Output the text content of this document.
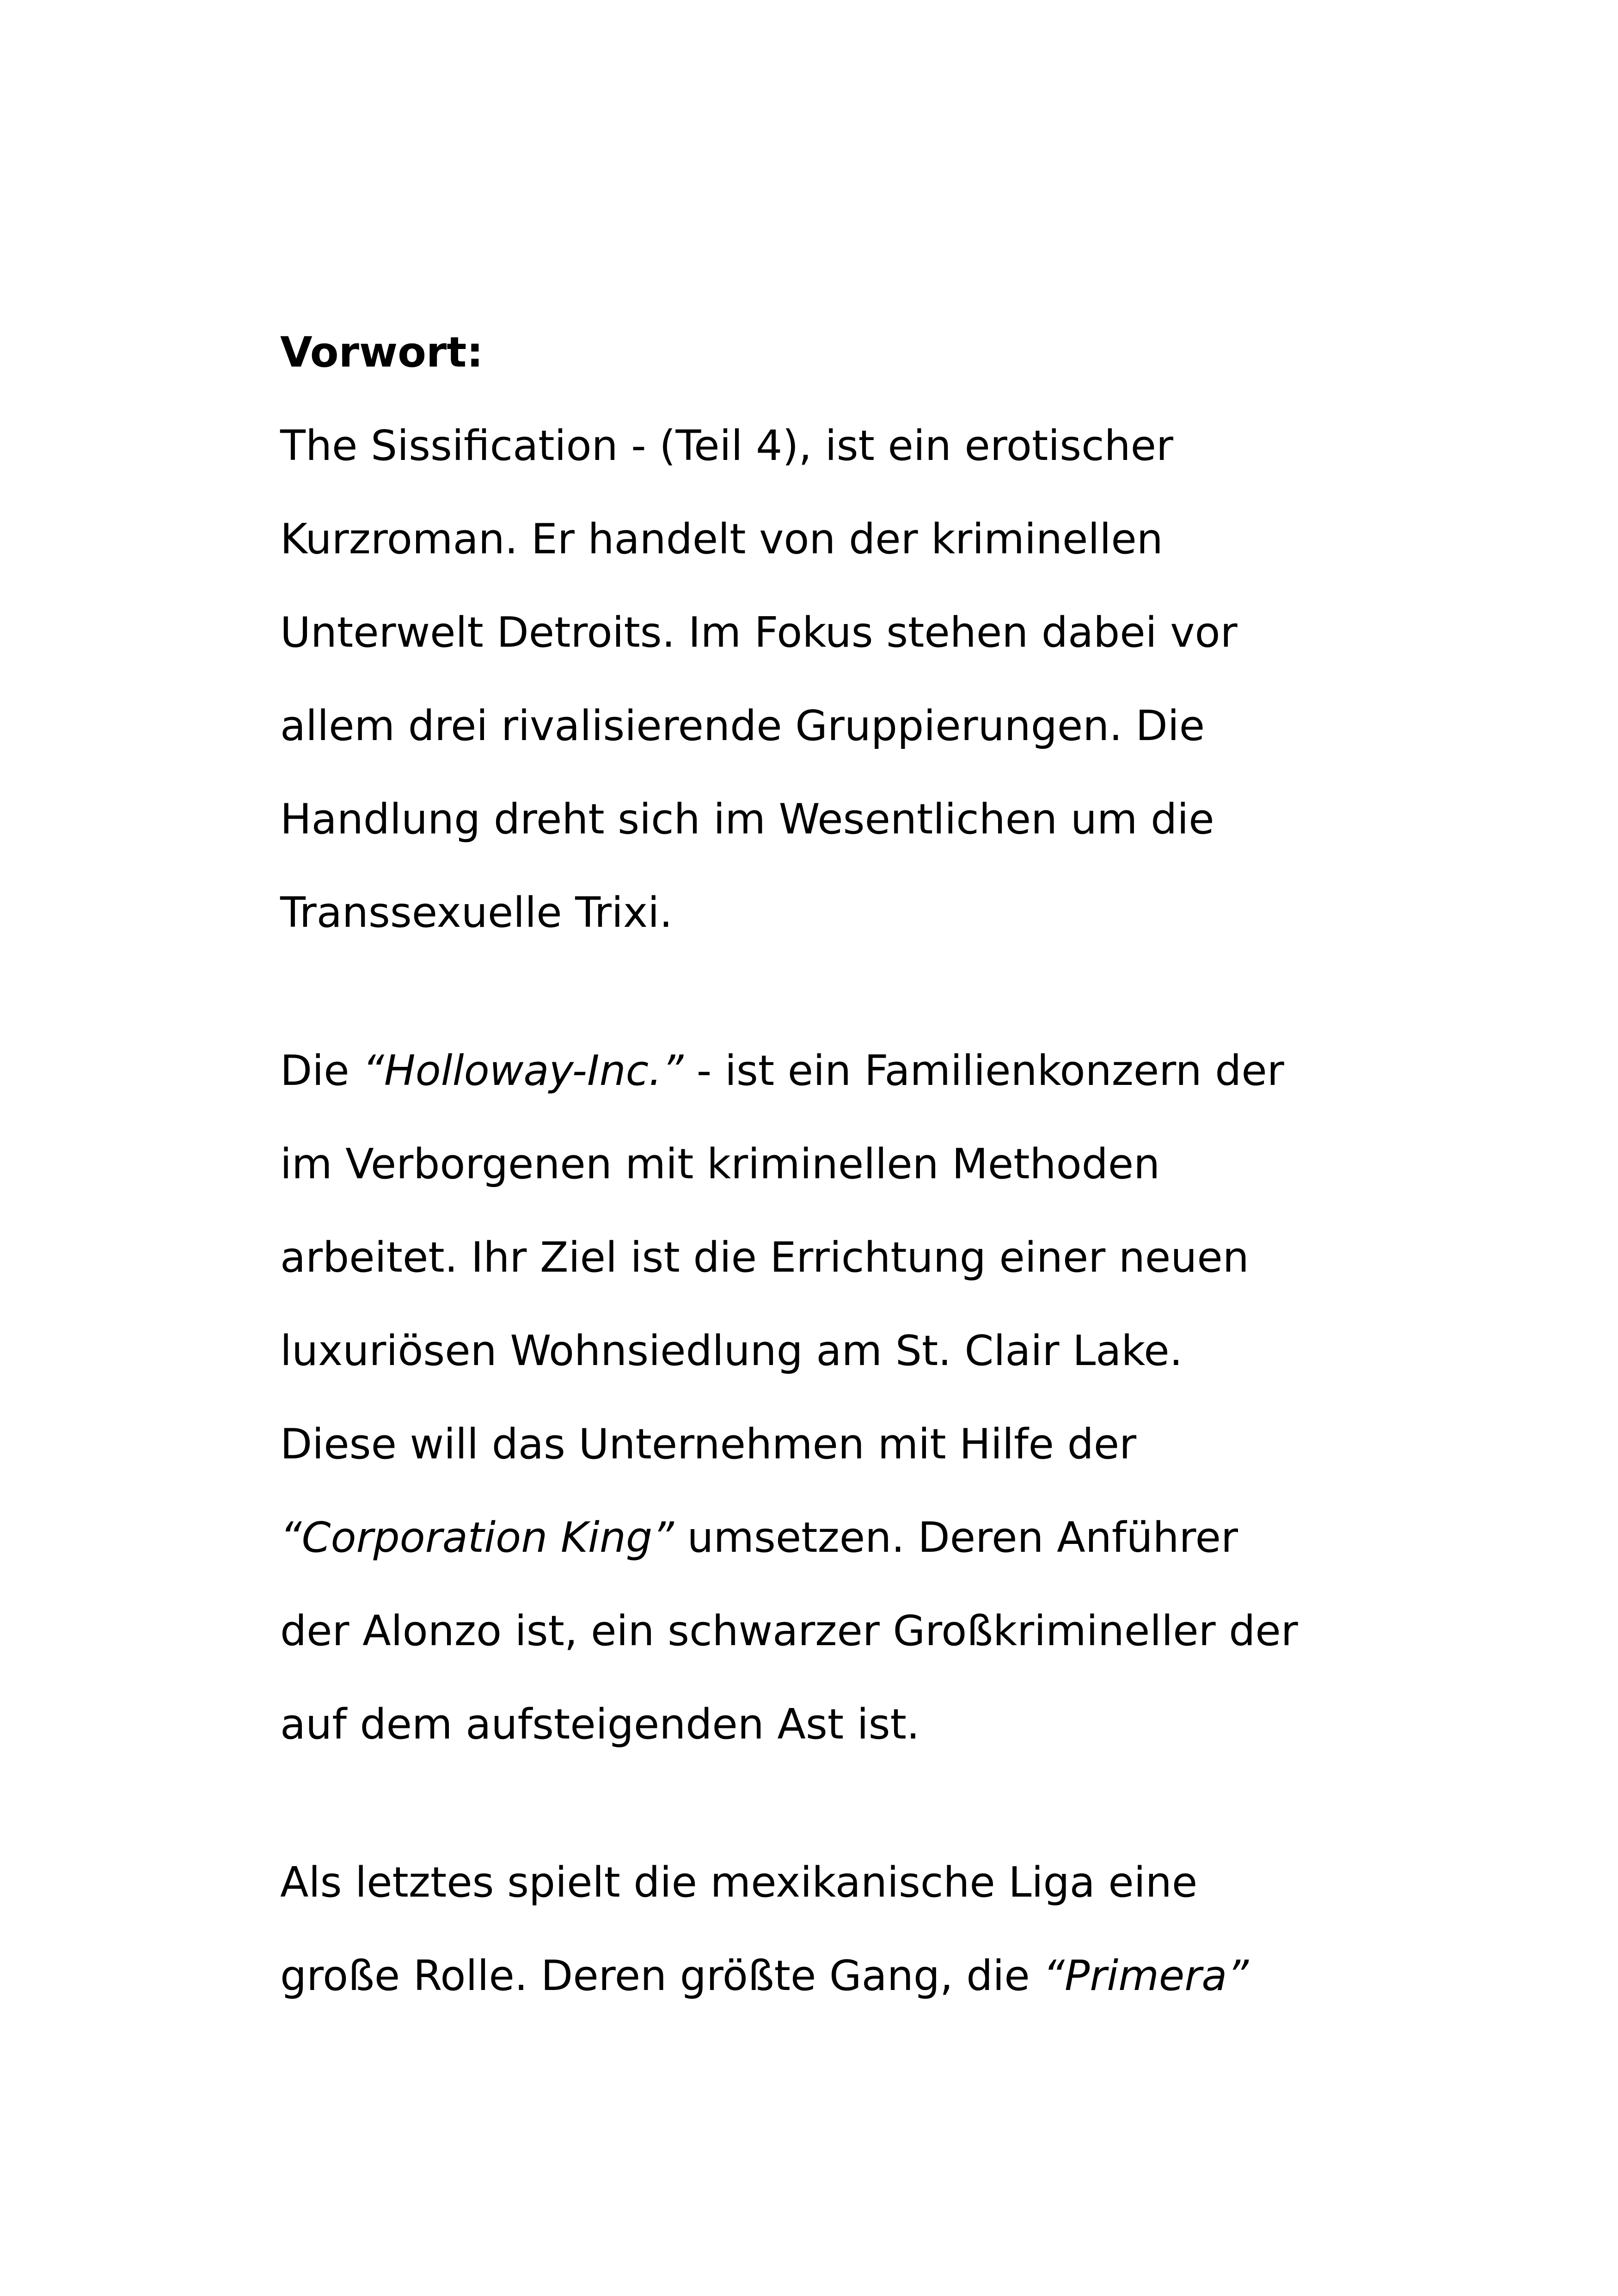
Vorwort:
The Sissification - (Teil 4), ist ein erotischer
Kurzroman. Er handelt von der kriminellen
Unterwelt Detroits. Im Fokus stehen dabei vor
allem drei rivalisierende Gruppierungen. Die
Handlung dreht sich im Wesentlichen um die
Transsexuelle Trixi.
Die “Holloway-Inc.” - ist ein Familienkonzern der
im Verborgenen mit kriminellen Methoden
arbeitet. Ihr Ziel ist die Errichtung einer neuen
luxuriösen Wohnsiedlung am St. Clair Lake.
Diese will das Unternehmen mit Hilfe der
“Corporation King” umsetzen. Deren Anführer
der Alonzo ist, ein schwarzer Großkrimineller der
auf dem aufsteigenden Ast ist.
Als letztes spielt die mexikanische Liga eine
große Rolle. Deren größte Gang, die “Primera”
